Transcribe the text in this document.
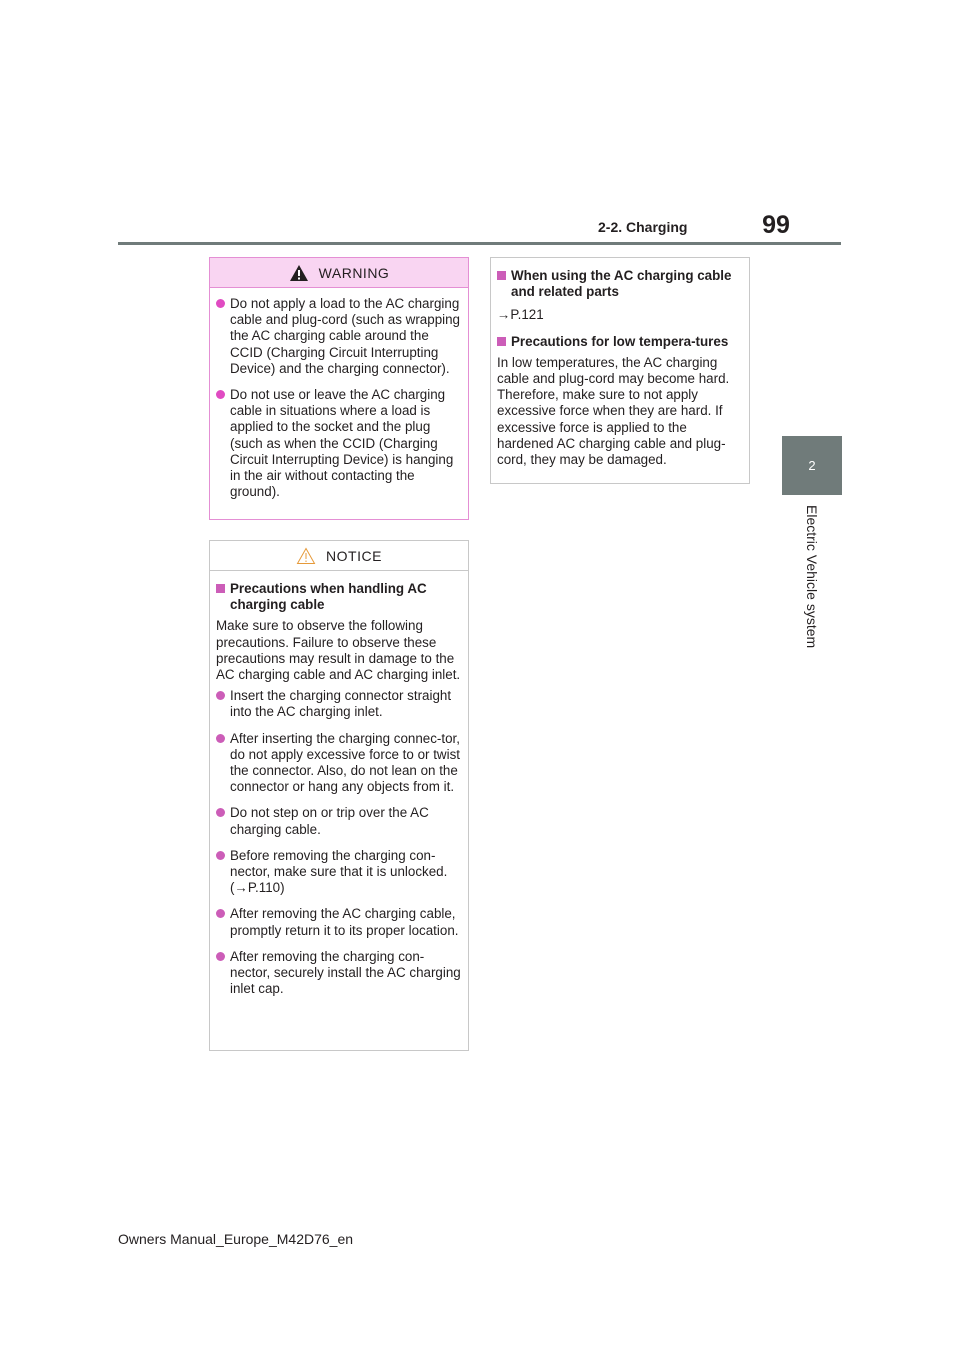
99
2-2. Charging
2
Electric Vehicle system
WARNING
Do not apply a load to the AC charging cable and plug-cord (such as wrapping the AC charging cable around the CCID (Charging Circuit Interrupting Device) and the charging connector).
Do not use or leave the AC charging cable in situations where a load is applied to the socket and the plug (such as when the CCID (Charging Circuit Interrupting Device) is hanging in the air without contacting the ground).
NOTICE
Precautions when handling AC charging cable
Make sure to observe the following precautions. Failure to observe these precautions may result in damage to the AC charging cable and AC charging inlet.
Insert the charging connector straight into the AC charging inlet.
After inserting the charging connec-tor, do not apply excessive force to or twist the connector. Also, do not lean on the connector or hang any objects from it.
Do not step on or trip over the AC charging cable.
Before removing the charging con-nector, make sure that it is unlocked. (→P.110)
After removing the AC charging cable, promptly return it to its proper location.
After removing the charging con-nector, securely install the AC charging inlet cap.
When using the AC charging cable and related parts
→P.121
Precautions for low tempera-tures
In low temperatures, the AC charging cable and plug-cord may become hard. Therefore, make sure to not apply excessive force when they are hard. If excessive force is applied to the hardened AC charging cable and plug-cord, they may be damaged.
Owners Manual_Europe_M42D76_en
